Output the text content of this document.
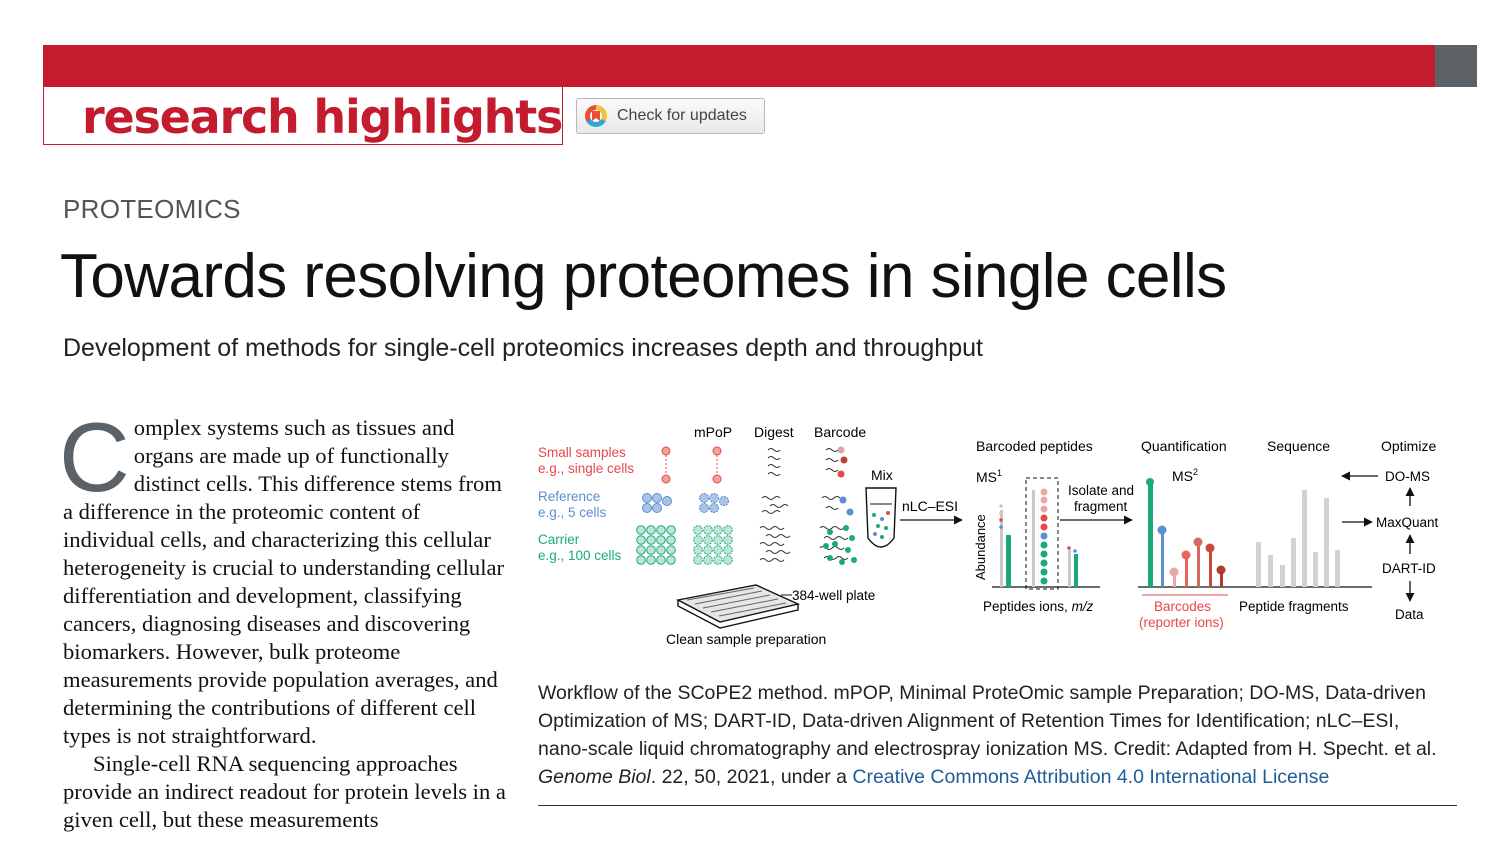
research highlights	Check for updates
PROTEOMICS
Towards resolving proteomes in single cells
Development of methods for single-cell proteomics increases depth and throughput

Complex systems such as tissues and organs are made up of functionally distinct cells. This difference stems from a difference in the proteomic content of individual cells, and characterizing this cellular heterogeneity is crucial to understanding cellular differentiation and development, classifying cancers, diagnosing diseases and discovering biomarkers. However, bulk proteome measurements provide population averages, and determining the contributions of different cell types is not straightforward.

Single-cell RNA sequencing approaches provide an indirect readout for protein levels in a given cell, but these measurements

mPoP Digest Barcode
Small samples
e.g., single cells
Reference
e.g., 5 cells
Carrier
e.g., 100 cells
Mix
384-well plate
Clean sample preparation
nLC–ESI
Barcoded peptides
$MS^1$
Abundance
Peptides ions, m/z
Isolate and
fragment
Quantification
$MS^2$
Barcodes
(reporter ions)
Sequence
Peptide fragments
Optimize
DO-MS
MaxQuant
DART-ID
Data
Workflow of the SCoPE2 method. mPOP, Minimal ProteOmic sample Preparation; DO-MS, Data-driven Optimization of MS; DART-ID, Data-driven Alignment of Retention Times for Identification; nLC–ESI, nano-scale liquid chromatography and electrospray ionization MS. Credit: Adapted from H. Specht. et al. Genome Biol. 22, 50, 2021, under a Creative Commons Attribution 4.0 International License
